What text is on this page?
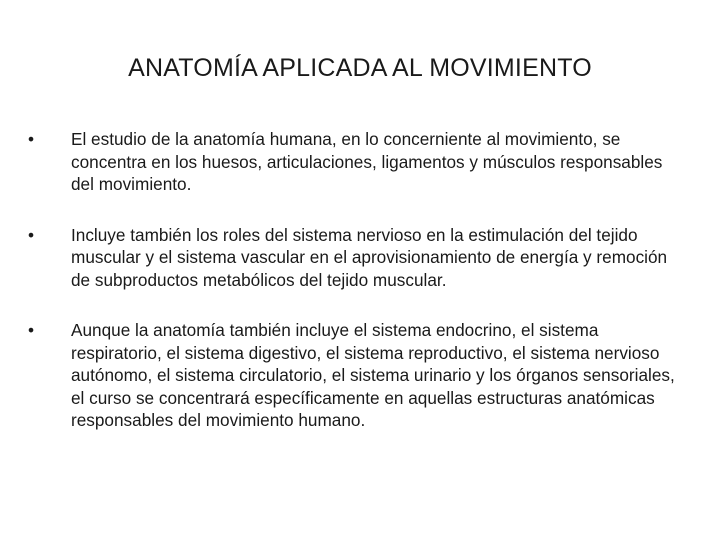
ANATOMÍA APLICADA AL MOVIMIENTO
•	El estudio de la anatomía humana, en lo concerniente al movimiento, se concentra en los huesos, articulaciones, ligamentos y músculos responsables del movimiento.
•	Incluye también los roles del sistema nervioso en la estimulación del tejido muscular y el sistema vascular en el aprovisionamiento de energía y remoción de subproductos metabólicos del tejido muscular.
•	Aunque la anatomía también incluye el sistema endocrino, el sistema respiratorio, el sistema digestivo, el sistema reproductivo, el sistema nervioso autónomo, el sistema circulatorio, el sistema urinario y los órganos sensoriales, el curso se concentrará específicamente en aquellas estructuras anatómicas responsables del movimiento humano.
